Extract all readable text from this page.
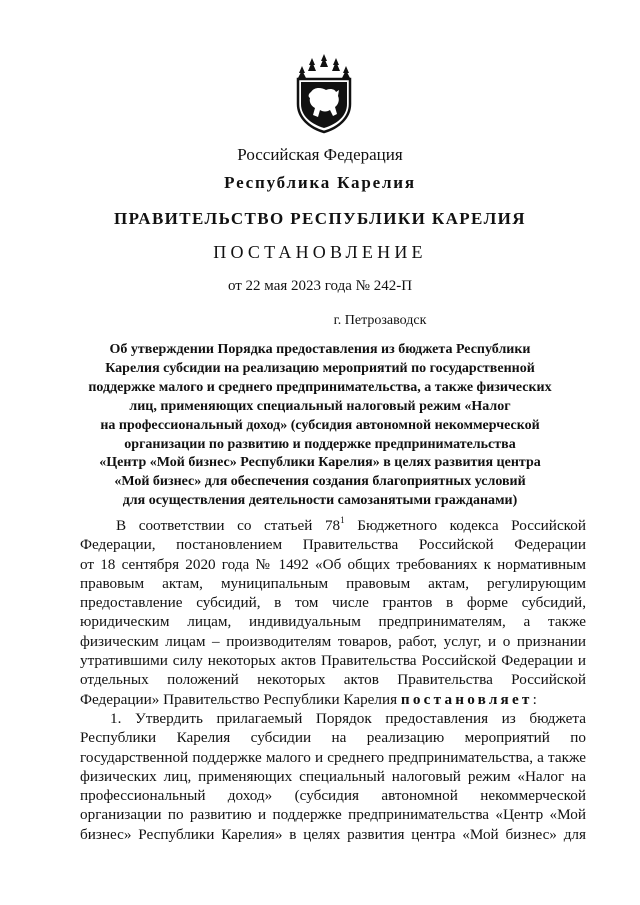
Российская Федерация
Республика Карелия
ПРАВИТЕЛЬСТВО РЕСПУБЛИКИ КАРЕЛИЯ
ПОСТАНОВЛЕНИЕ
от 22 мая 2023 года № 242-П
г. Петрозаводск
Об утверждении Порядка предоставления из бюджета Республики
Карелия субсидии на реализацию мероприятий по государственной
поддержке малого и среднего предпринимательства, а также физических
лиц, применяющих специальный налоговый режим «Налог
на профессиональный доход» (субсидия автономной некоммерческой
организации по развитию и поддержке предпринимательства
«Центр «Мой бизнес» Республики Карелия» в целях развития центра
«Мой бизнес» для обеспечения создания благоприятных условий
для осуществления деятельности самозанятыми гражданами)
В соответствии со статьей $78^1$ Бюджетного кодекса Российской
Федерации, постановлением Правительства Российской Федерации
от 18 сентября 2020 года № 1492 «Об общих требованиях к нормативным
правовым актам, муниципальным правовым актам, регулирующим
предоставление субсидий, в том числе грантов в форме субсидий,
юридическим лицам, индивидуальным предпринимателям, а также
физическим лицам – производителям товаров, работ, услуг, и о признании
утратившими силу некоторых актов Правительства Российской Федерации и
отдельных положений некоторых актов Правительства Российской
Федерации» Правительство Республики Карелия постановляет:
1. Утвердить прилагаемый Порядок предоставления из бюджета
Республики Карелия субсидии на реализацию мероприятий по
государственной поддержке малого и среднего предпринимательства, а также
физических лиц, применяющих специальный налоговый режим «Налог на
профессиональный доход» (субсидия автономной некоммерческой
организации по развитию и поддержке предпринимательства «Центр «Мой
бизнес» Республики Карелия» в целях развития центра «Мой бизнес» для
